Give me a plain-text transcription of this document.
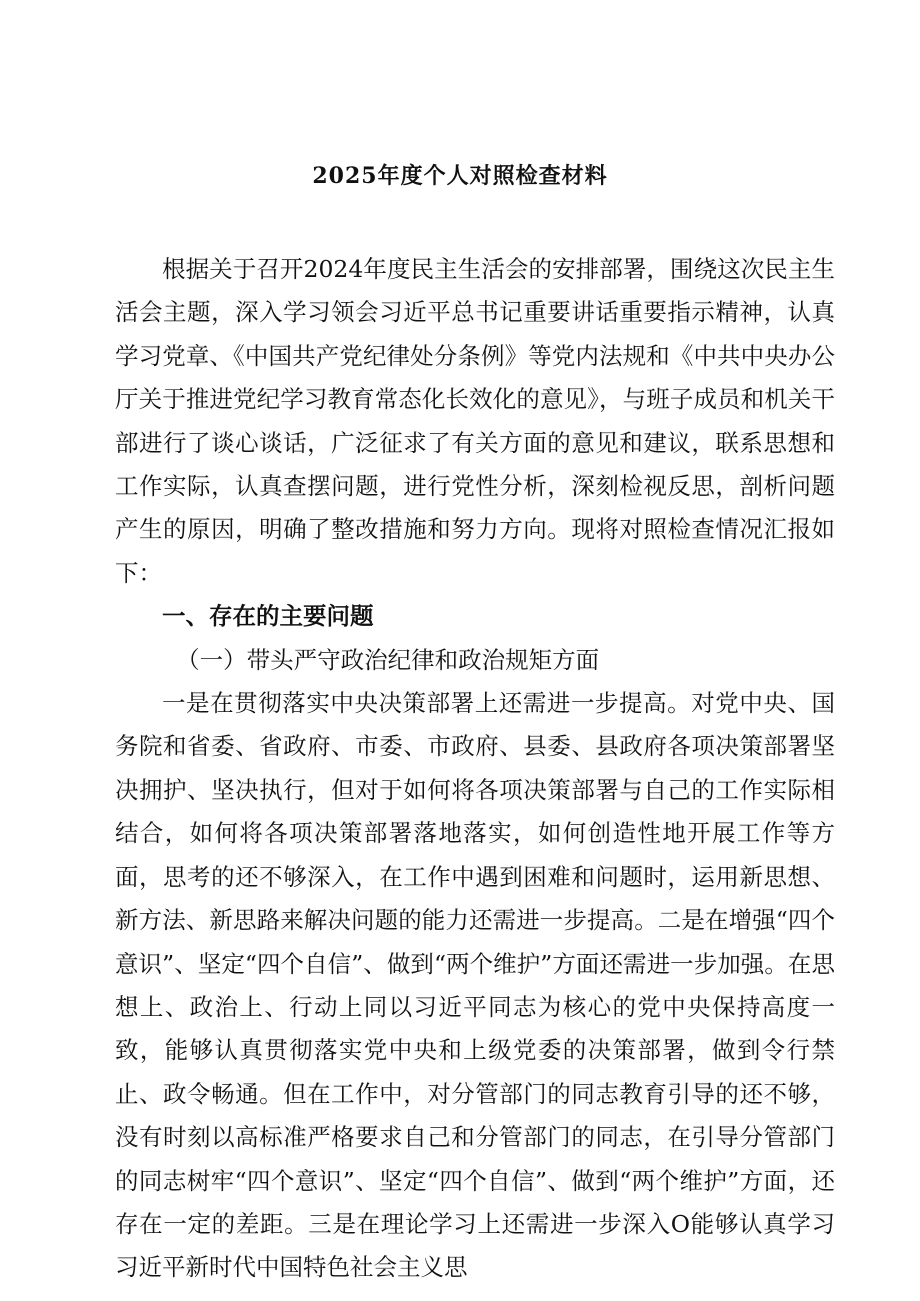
2025年度个人对照检查材料

根据关于召开2024年度民主生活会的安排部署，围绕这次民主生活会主题，深入学习领会习近平总书记重要讲话重要指示精神，认真学习党章、《中国共产党纪律处分条例》等党内法规和《中共中央办公厅关于推进党纪学习教育常态化长效化的意见》，与班子成员和机关干部进行了谈心谈话，广泛征求了有关方面的意见和建议，联系思想和工作实际，认真查摆问题，进行党性分析，深刻检视反思，剖析问题产生的原因，明确了整改措施和努力方向。现将对照检查情况汇报如下：

一、存在的主要问题

（一）带头严守政治纪律和政治规矩方面

一是在贯彻落实中央决策部署上还需进一步提高。对党中央、国务院和省委、省政府、市委、市政府、县委、县政府各项决策部署坚决拥护、坚决执行，但对于如何将各项决策部署与自己的工作实际相结合，如何将各项决策部署落地落实，如何创造性地开展工作等方面，思考的还不够深入，在工作中遇到困难和问题时，运用新思想、新方法、新思路来解决问题的能力还需进一步提高。二是在增强“四个意识”、坚定“四个自信”、做到“两个维护”方面还需进一步加强。在思想上、政治上、行动上同以习近平同志为核心的党中央保持高度一致，能够认真贯彻落实党中央和上级党委的决策部署，做到令行禁止、政令畅通。但在工作中，对分管部门的同志教育引导的还不够，没有时刻以高标准严格要求自己和分管部门的同志，在引导分管部门的同志树牢“四个意识”、坚定“四个自信”、做到“两个维护”方面，还存在一定的差距。三是在理论学习上还需进一步深入O能够认真学习习近平新时代中国特色社会主义思
